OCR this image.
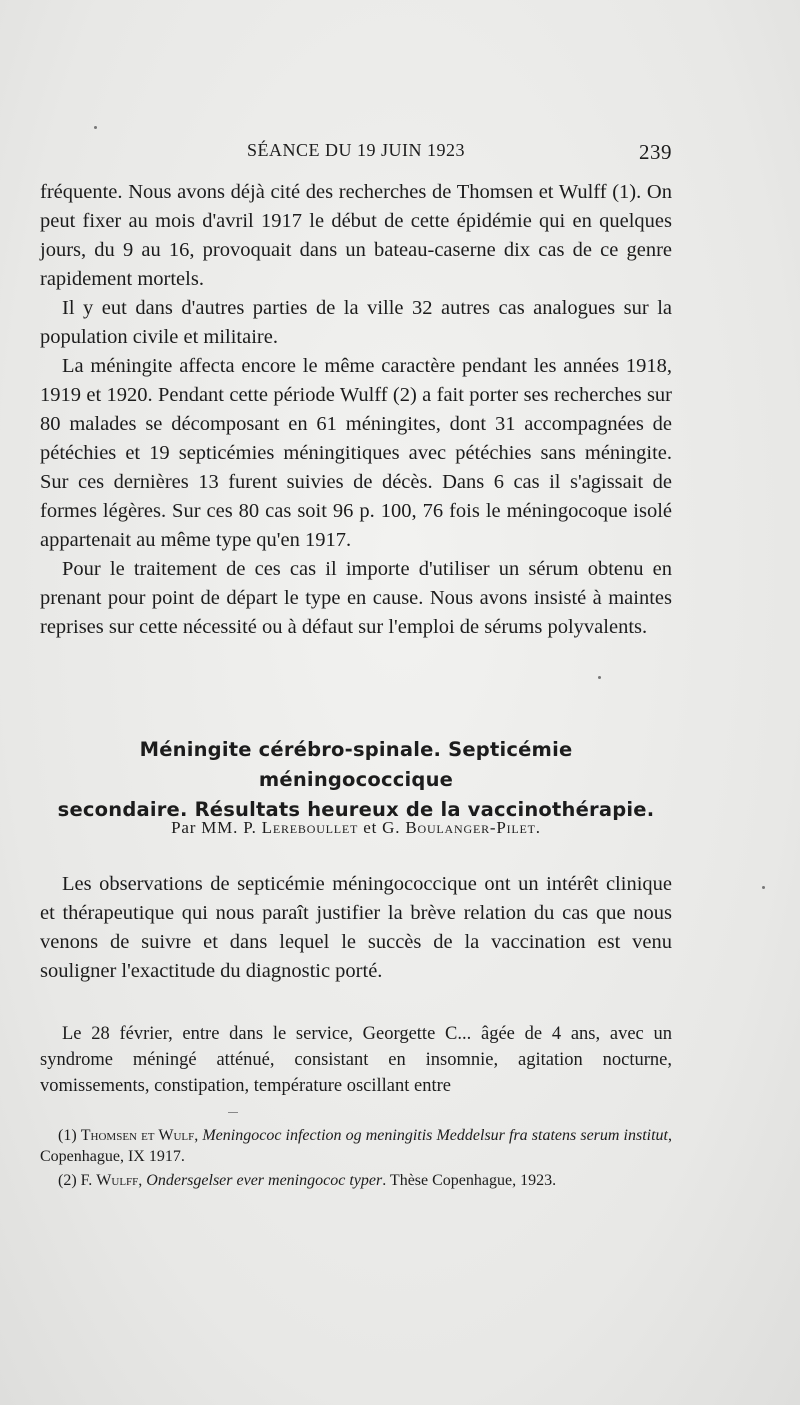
SÉANCE DU 19 JUIN 1923	239

fréquente. Nous avons déjà cité des recherches de Thomsen et Wulff (1). On peut fixer au mois d'avril 1917 le début de cette épidémie qui en quelques jours, du 9 au 16, provoquait dans un bateau-caserne dix cas de ce genre rapidement mortels.

Il y eut dans d'autres parties de la ville 32 autres cas analogues sur la population civile et militaire.

La méningite affecta encore le même caractère pendant les années 1918, 1919 et 1920. Pendant cette période Wulff (2) a fait porter ses recherches sur 80 malades se décomposant en 61 méningites, dont 31 accompagnées de pétéchies et 19 septicémies méningitiques avec pétéchies sans méningite. Sur ces dernières 13 furent suivies de décès. Dans 6 cas il s'agissait de formes légères. Sur ces 80 cas soit 96 p. 100, 76 fois le méningocoque isolé appartenait au même type qu'en 1917.

Pour le traitement de ces cas il importe d'utiliser un sérum obtenu en prenant pour point de départ le type en cause. Nous avons insisté à maintes reprises sur cette nécessité ou à défaut sur l'emploi de sérums polyvalents.

Méningite cérébro-spinale. Septicémie méningococcique
secondaire. Résultats heureux de la vaccinothérapie.
Par MM. P. Lereboullet et G. Boulanger-Pilet.

Les observations de septicémie méningococcique ont un intérêt clinique et thérapeutique qui nous paraît justifier la brève relation du cas que nous venons de suivre et dans lequel le succès de la vaccination est venu souligner l'exactitude du diagnostic porté.

Le 28 février, entre dans le service, Georgette C... âgée de 4 ans, avec un syndrome méningé atténué, consistant en insomnie, agitation nocturne, vomissements, constipation, température oscillant entre

(1) Thomsen et Wulf, Meningococ infection og meningitis Meddelsur fra statens serum institut, Copenhague, IX 1917.

(2) F. Wulff, Ondersgelser ever meningococ typer. Thèse Copenhague, 1923.
